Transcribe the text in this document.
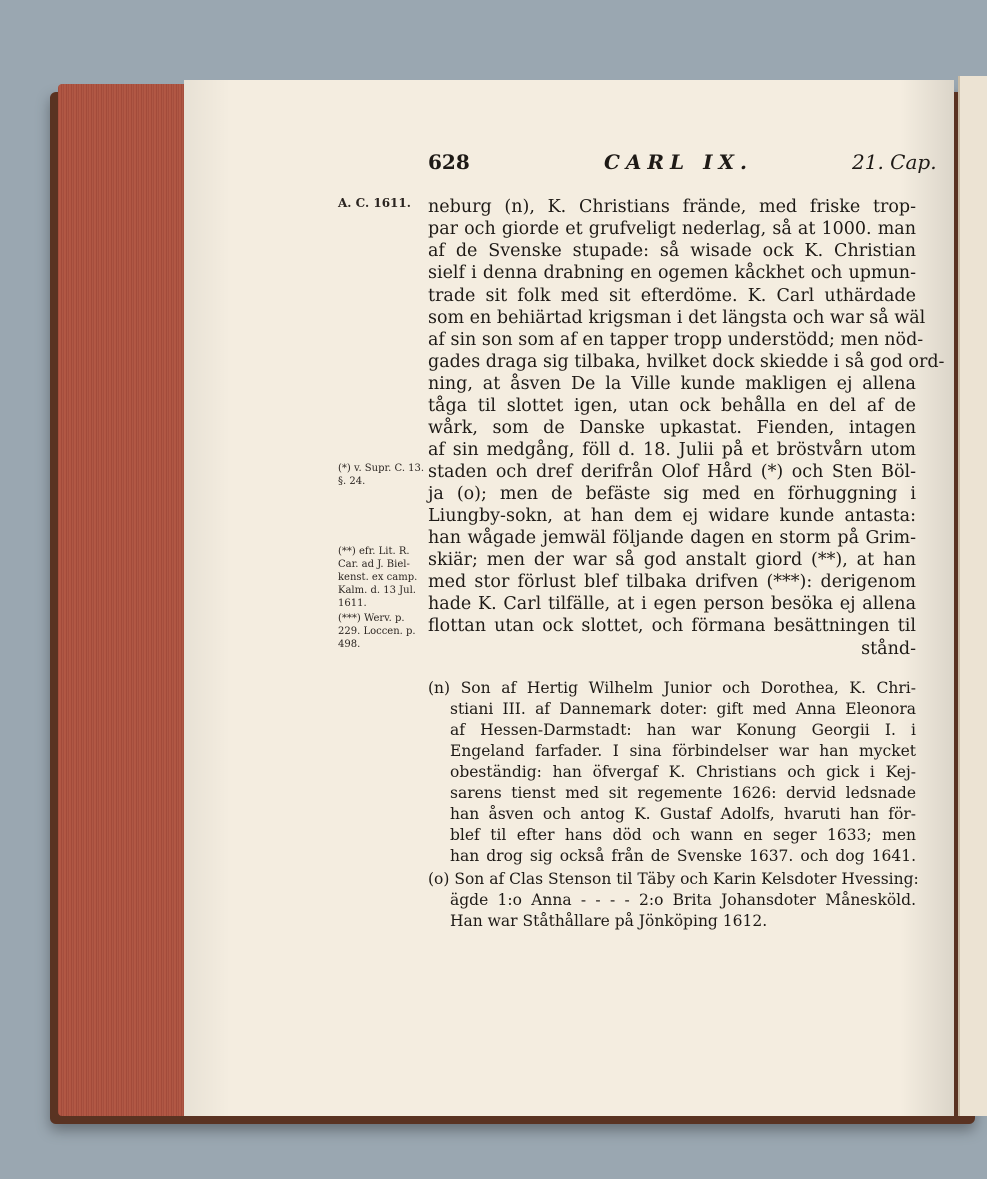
628	CARL IX.	21. Cap.
A. C. 1611.
(*) v. Supr. C. 13. §. 24.
(**) efr. Lit. R. Car. ad J. Biel-kenst. ex camp. Kalm. d. 13 Jul. 1611.
(***) Werv. p. 229. Loccen. p. 498.
neburg (n), K. Christians frände, med friske trop-
par och giorde et grufveligt nederlag, så at 1000. man
af de Svenske stupade: så wisade ock K. Christian
sielf i denna drabning en ogemen kåckhet och upmun-
trade sit folk med sit efterdöme. K. Carl uthärdade
som en behiärtad krigsman i det längsta och war så wäl
af sin son som af en tapper tropp understödd; men nöd-
gades draga sig tilbaka, hvilket dock skiedde i så god ord-
ning, at åsven De la Ville kunde makligen ej allena
tåga til slottet igen, utan ock behålla en del af de
wårk, som de Danske upkastat. Fienden, intagen
af sin medgång, föll d. 18. Julii på et bröstvårn utom
staden och dref derifrån Olof Hård (*) och Sten Böl-
ja (o); men de befäste sig med en förhuggning i
Liungby-sokn, at han dem ej widare kunde antasta:
han wågade jemwäl följande dagen en storm på Grim-
skiär; men der war så god anstalt giord (**), at han
med stor förlust blef tilbaka drifven (***): derigenom
hade K. Carl tilfälle, at i egen person besöka ej allena
flottan utan ock slottet, och förmana besättningen til
stånd-
(n) Son af Hertig Wilhelm Junior och Dorothea, K. Chri-
stiani III. af Dannemark doter: gift med Anna Eleonora
af Hessen-Darmstadt: han war Konung Georgii I. i
Engeland farfader. I sina förbindelser war han mycket
obeständig: han öfvergaf K. Christians och gick i Kej-
sarens tienst med sit regemente 1626: dervid ledsnade
han åsven och antog K. Gustaf Adolfs, hvaruti han för-
blef til efter hans död och wann en seger 1633; men
han drog sig också från de Svenske 1637. och dog 1641.
(o) Son af Clas Stenson til Täby och Karin Kelsdoter Hvessing:
ägde 1:o Anna - - - - 2:o Brita Johansdoter Månesköld.
Han war Ståthållare på Jönköping 1612.
